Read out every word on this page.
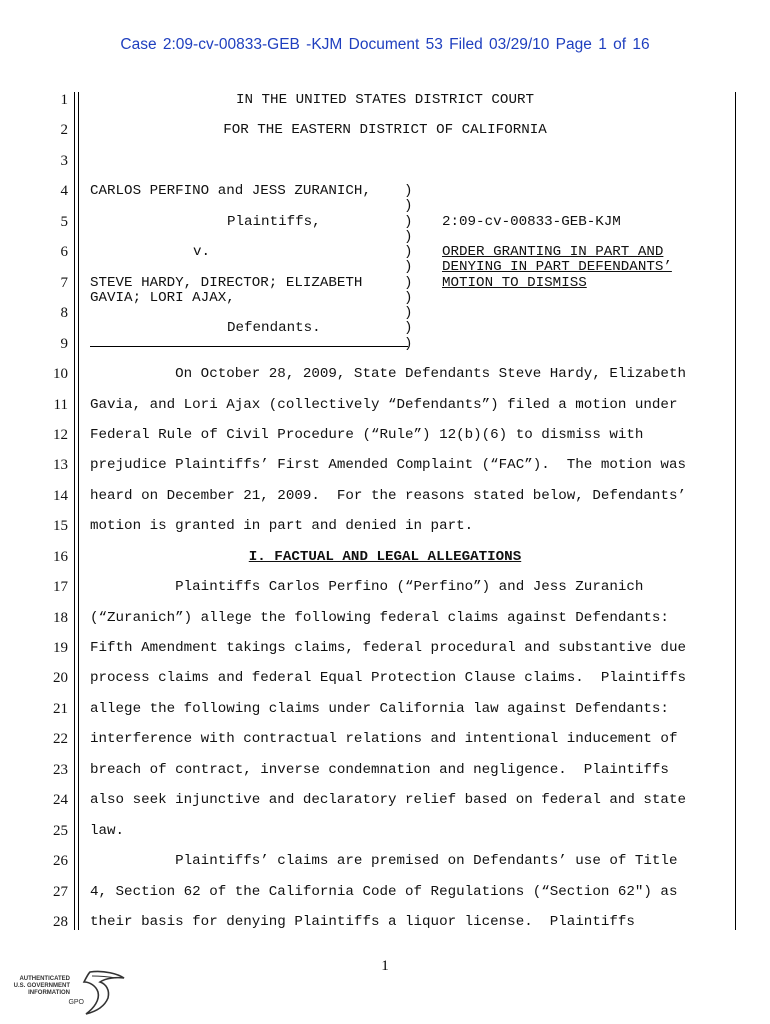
Case 2:09-cv-00833-GEB -KJM Document 53 Filed 03/29/10 Page 1 of 16
1
2
3
4
5
6
7
8
9
10
11
12
13
14
15
16
17
18
19
20
21
22
23
24
25
26
27
28
IN THE UNITED STATES DISTRICT COURT
FOR THE EASTERN DISTRICT OF CALIFORNIA
CARLOS PERFINO and JESS ZURANICH,
Plaintiffs,
v.
STEVE HARDY, DIRECTOR; ELIZABETH
GAVIA; LORI AJAX,
Defendants.
)
)
)
)
)
)
)
)
)
)
)
2:09-cv-00833-GEB-KJM
ORDER GRANTING IN PART AND
DENYING IN PART DEFENDANTS’
MOTION TO DISMISS
On October 28, 2009, State Defendants Steve Hardy, Elizabeth
Gavia, and Lori Ajax (collectively “Defendants”) filed a motion under
Federal Rule of Civil Procedure (“Rule”) 12(b)(6) to dismiss with
prejudice Plaintiffs’ First Amended Complaint (“FAC”).  The motion was
heard on December 21, 2009.  For the reasons stated below, Defendants’
motion is granted in part and denied in part.
I. FACTUAL AND LEGAL ALLEGATIONS
Plaintiffs Carlos Perfino (“Perfino”) and Jess Zuranich
(“Zuranich”) allege the following federal claims against Defendants:
Fifth Amendment takings claims, federal procedural and substantive due
process claims and federal Equal Protection Clause claims.  Plaintiffs
allege the following claims under California law against Defendants:
interference with contractual relations and intentional inducement of
breach of contract, inverse condemnation and negligence.  Plaintiffs
also seek injunctive and declaratory relief based on federal and state
law.
Plaintiffs’ claims are premised on Defendants’ use of Title
4, Section 62 of the California Code of Regulations (“Section 62") as
their basis for denying Plaintiffs a liquor license.  Plaintiffs
1
AUTHENTICATED
U.S. GOVERNMENT
INFORMATION
GPO
